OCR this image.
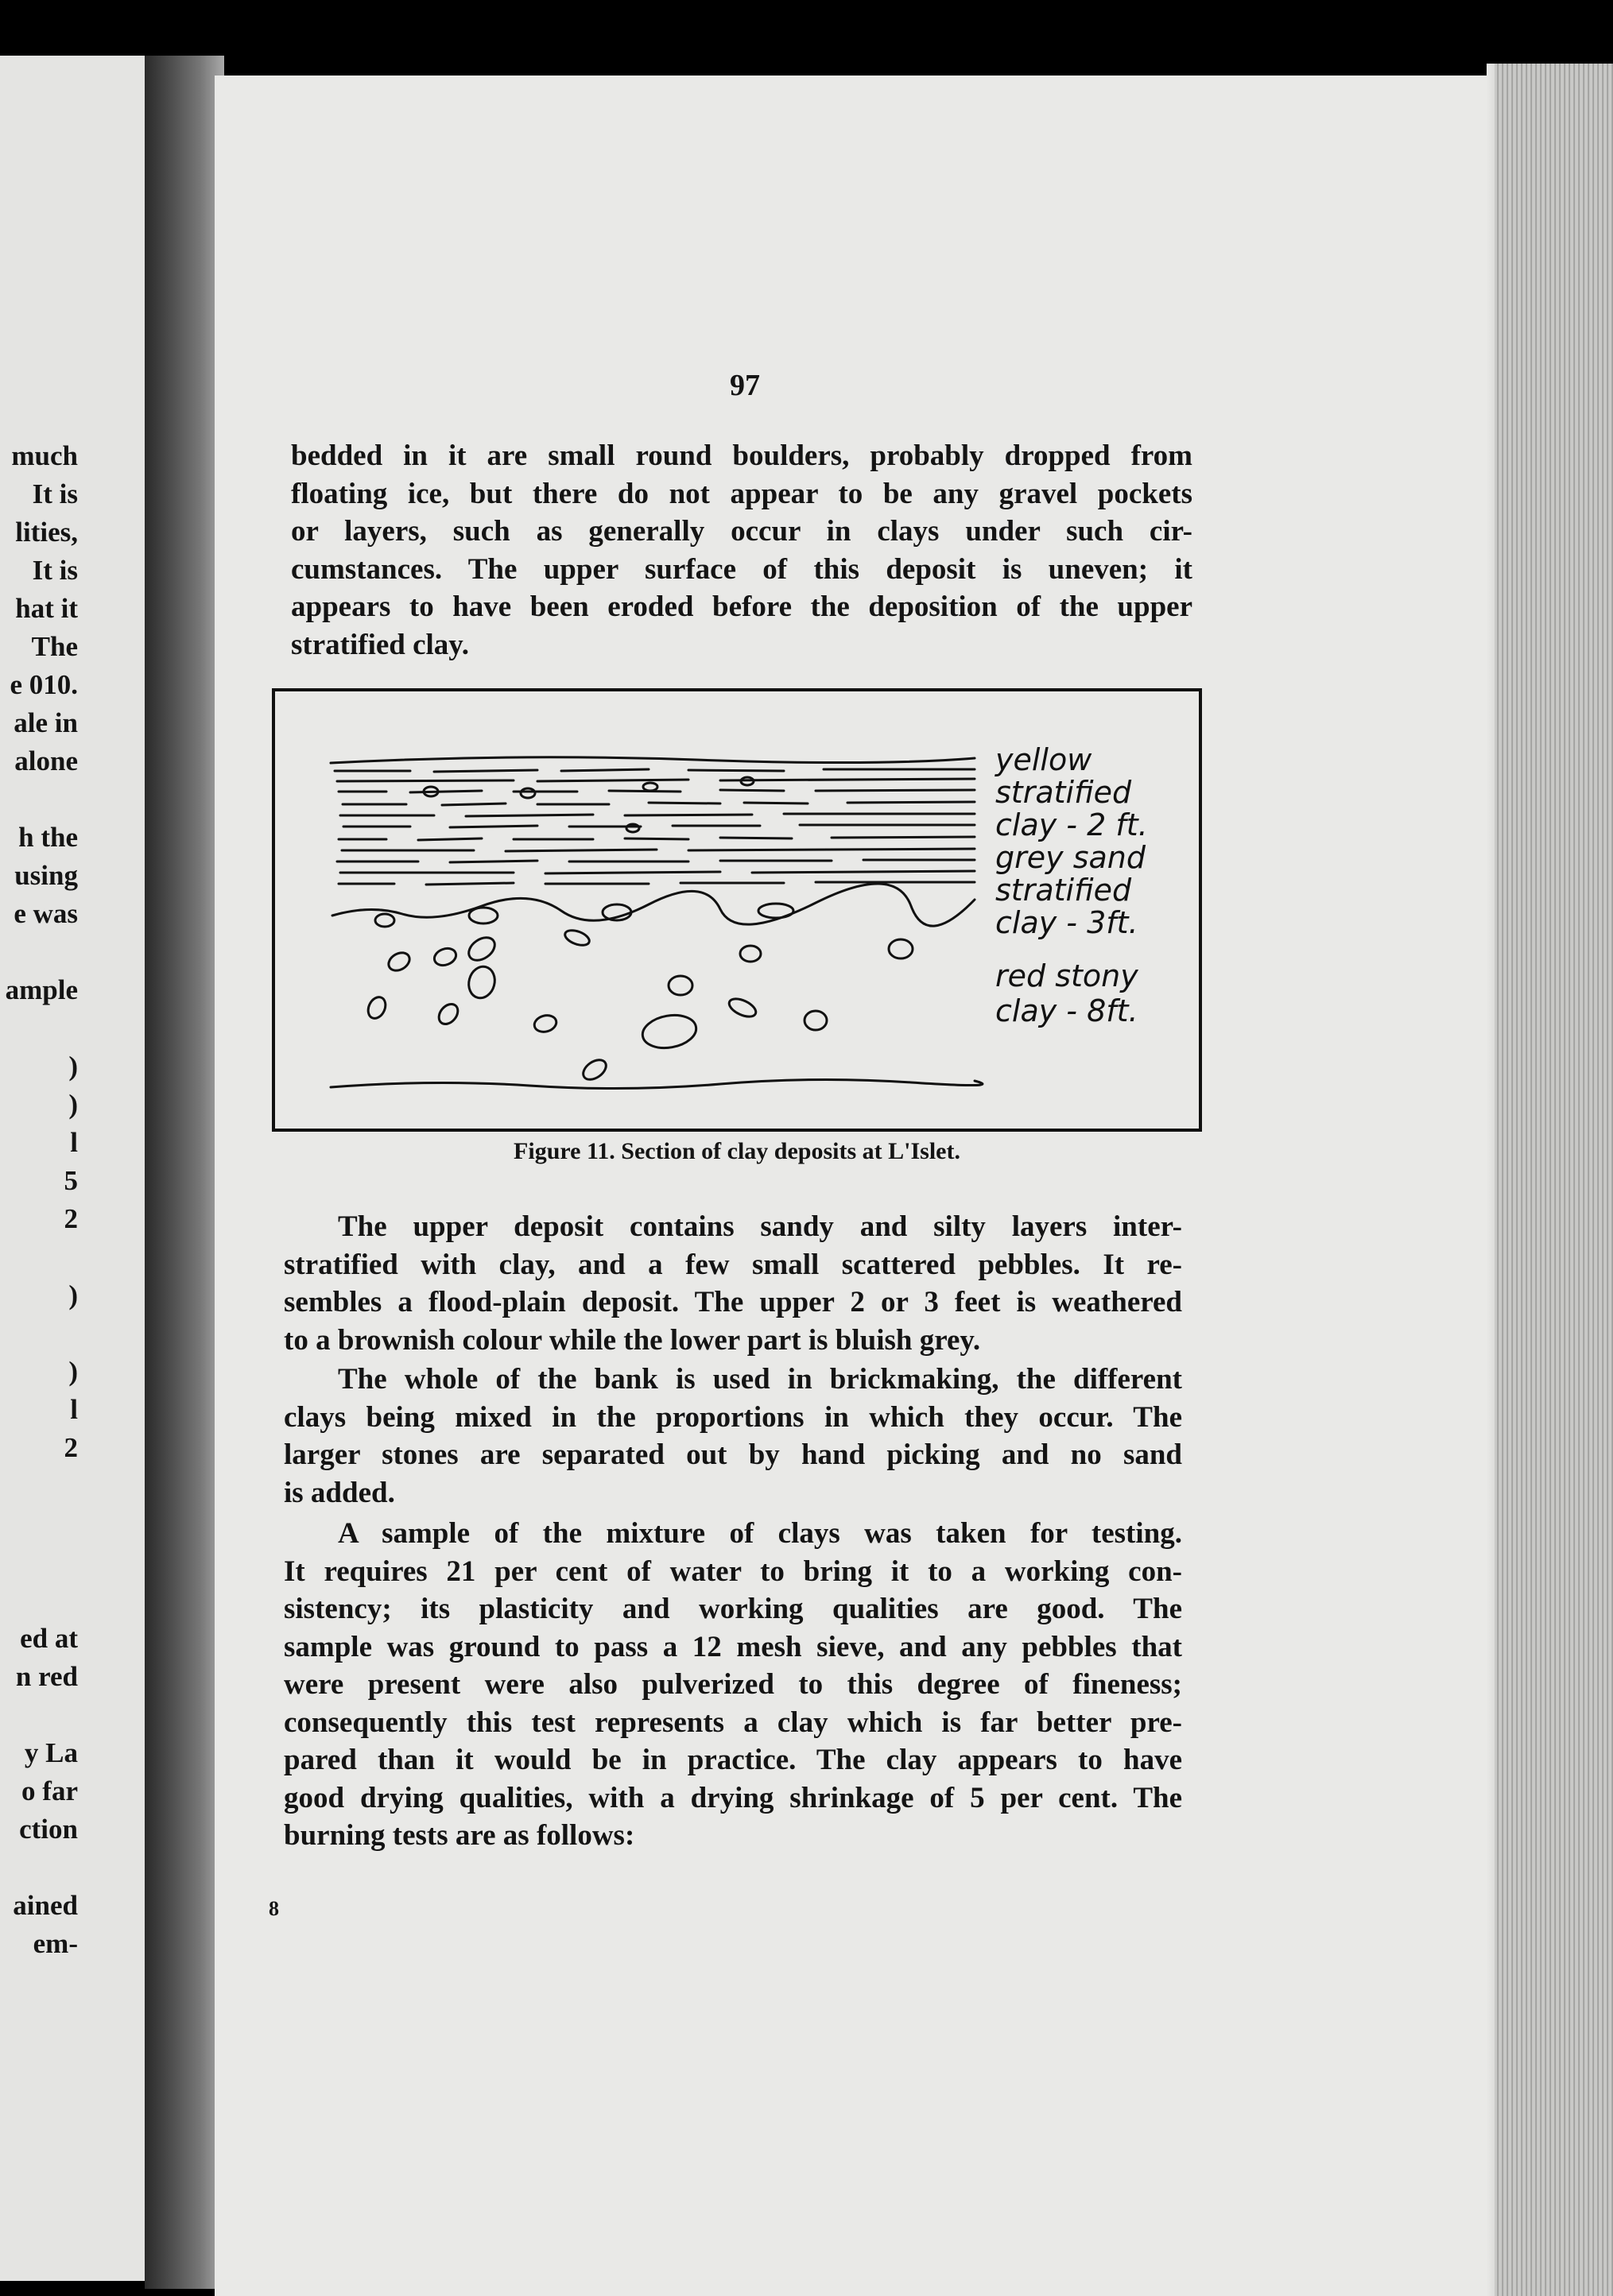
much
It is
lities,
It is
hat it
The
e 010.
ale in
alone
h the
using
e was
ample
)
)
l
5
2
)
)
l
2
ed at
n red
y La
o far
ction
ained
em-
97
bedded in it are small round boulders, probably dropped from
floating ice, but there do not appear to be any gravel pockets
or layers, such as generally occur in clays under such cir-
cumstances. The upper surface of this deposit is uneven; it
appears to have been eroded before the deposition of the upper
stratified clay.
yellow
stratified
clay - 2 ft.
grey sand
stratified
clay - 3ft.
red stony
clay - 8ft.
Figure 11. Section of clay deposits at L'Islet.
The upper deposit contains sandy and silty layers inter-
stratified with clay, and a few small scattered pebbles. It re-
sembles a flood-plain deposit. The upper 2 or 3 feet is weathered
to a brownish colour while the lower part is bluish grey.
The whole of the bank is used in brickmaking, the different
clays being mixed in the proportions in which they occur. The
larger stones are separated out by hand picking and no sand
is added.
A sample of the mixture of clays was taken for testing.
It requires 21 per cent of water to bring it to a working con-
sistency; its plasticity and working qualities are good. The
sample was ground to pass a 12 mesh sieve, and any pebbles that
were present were also pulverized to this degree of fineness;
consequently this test represents a clay which is far better pre-
pared than it would be in practice. The clay appears to have
good drying qualities, with a drying shrinkage of 5 per cent. The
burning tests are as follows:
8
